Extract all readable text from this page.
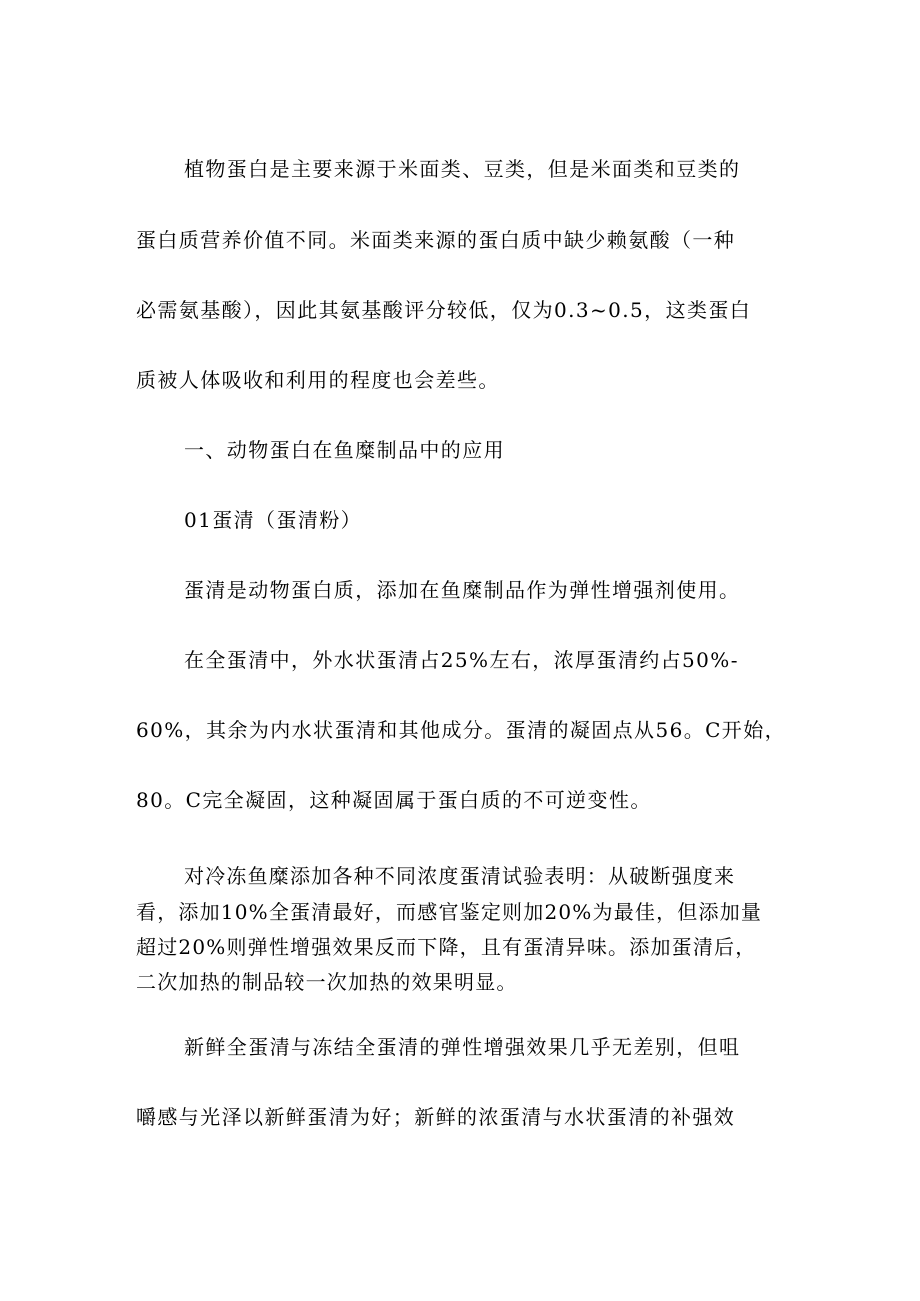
植物蛋白是主要来源于米面类、豆类，但是米面类和豆类的
蛋白质营养价值不同。米面类来源的蛋白质中缺少赖氨酸（一种
必需氨基酸），因此其氨基酸评分较低，仅为0.3~0.5，这类蛋白
质被人体吸收和利用的程度也会差些。
一、动物蛋白在鱼糜制品中的应用
01蛋清（蛋清粉）
蛋清是动物蛋白质，添加在鱼糜制品作为弹性增强剂使用。
在全蛋清中，外水状蛋清占25%左右，浓厚蛋清约占50%-
60%，其余为内水状蛋清和其他成分。蛋清的凝固点从56。C开始，
80。C完全凝固，这种凝固属于蛋白质的不可逆变性。
对冷冻鱼糜添加各种不同浓度蛋清试验表明：从破断强度来
看，添加10%全蛋清最好，而感官鉴定则加20%为最佳，但添加量
超过20%则弹性增强效果反而下降，且有蛋清异味。添加蛋清后，
二次加热的制品较一次加热的效果明显。
新鲜全蛋清与冻结全蛋清的弹性增强效果几乎无差别，但咀
嚼感与光泽以新鲜蛋清为好；新鲜的浓蛋清与水状蛋清的补强效
